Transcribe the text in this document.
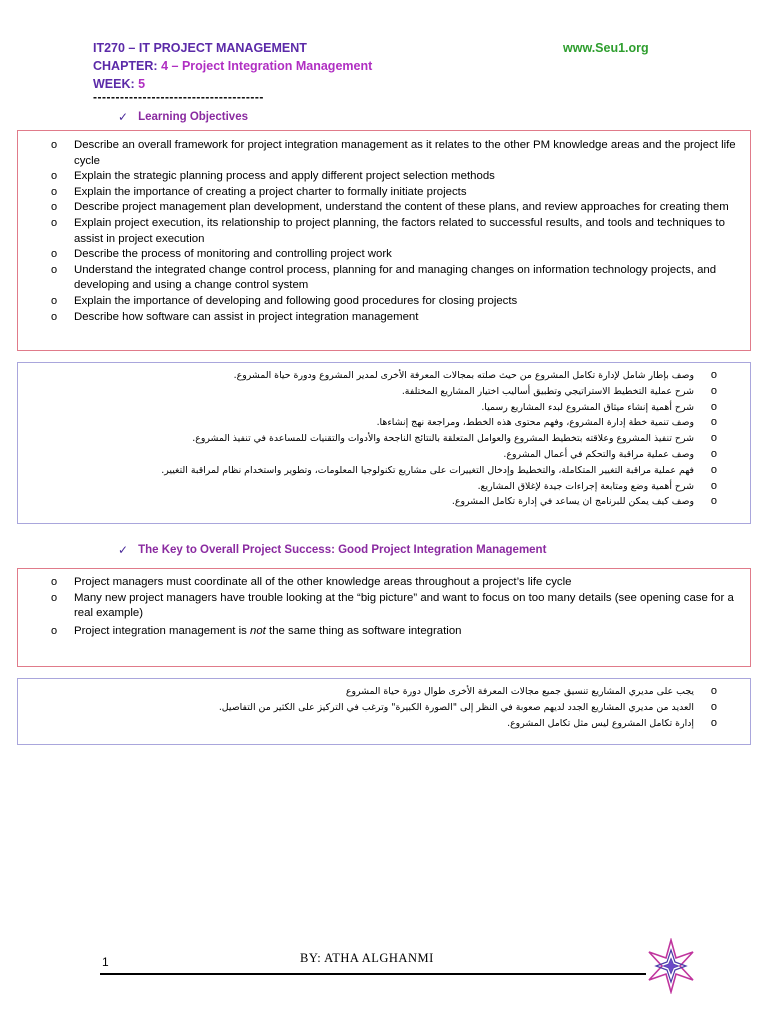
IT270 – IT PROJECT MANAGEMENT	www.Seu1.org
CHAPTER: 4 – Project Integration Management
WEEK: 5
--------------------------------------
✓ Learning Objectives
o Describe an overall framework for project integration management as it relates to the other PM knowledge areas and the project life cycle
o Explain the strategic planning process and apply different project selection methods
o Explain the importance of creating a project charter to formally initiate projects
o Describe project management plan development, understand the content of these plans, and review approaches for creating them
o Explain project execution, its relationship to project planning, the factors related to successful results, and tools and techniques to assist in project execution
o Describe the process of monitoring and controlling project work
o Understand the integrated change control process, planning for and managing changes on information technology projects, and developing and using a change control system
o Explain the importance of developing and following good procedures for closing projects
o Describe how software can assist in project integration management
o
وصف بإطار شامل لإدارة تكامل المشروع من حيث صلته بمجالات المعرفة الأخرى لمدير المشروع ودورة حياة المشروع.
o
شرح عملية التخطيط الاستراتيجي وتطبيق أساليب اختيار المشاريع المختلفة.
o
شرح أهمية إنشاء ميثاق المشروع لبدء المشاريع رسميا.
o
وصف تنمية خطة إدارة المشروع، وفهم محتوى هذه الخطط، ومراجعة نهج إنشاءها.
o
شرح تنفيذ المشروع وعلاقته بتخطيط المشروع والعوامل المتعلقة بالنتائج الناجحة والأدوات والتقنيات للمساعدة في تنفيذ المشروع.
o
وصف عملية مراقبة والتحكم في أعمال المشروع.
o
فهم عملية مراقبة التغيير المتكاملة، والتخطيط وإدخال التغييرات على مشاريع تكنولوجيا المعلومات، وتطوير واستخدام نظام لمراقبة التغيير.
o
شرح أهمية وضع ومتابعة إجراءات جيدة لإغلاق المشاريع.
o
وصف كيف يمكن للبرنامج ان يساعد في إدارة تكامل المشروع.
✓ The Key to Overall Project Success: Good Project Integration Management
o Project managers must coordinate all of the other knowledge areas throughout a project’s life cycle
o Many new project managers have trouble looking at the “big picture” and want to focus on too many details (see opening case for a real example)
o Project integration management is not the same thing as software integration
o
يجب على مديري المشاريع تنسيق جميع مجالات المعرفة الأخرى طوال دورة حياة المشروع
o
العديد من مديري المشاريع الجدد لديهم صعوبة في النظر إلى "الصورة الكبيرة" وترغب في التركيز على الكثير من التفاصيل.
o
إدارة تكامل المشروع ليس مثل تكامل المشروع.
1	BY: ATHA ALGHANMI
